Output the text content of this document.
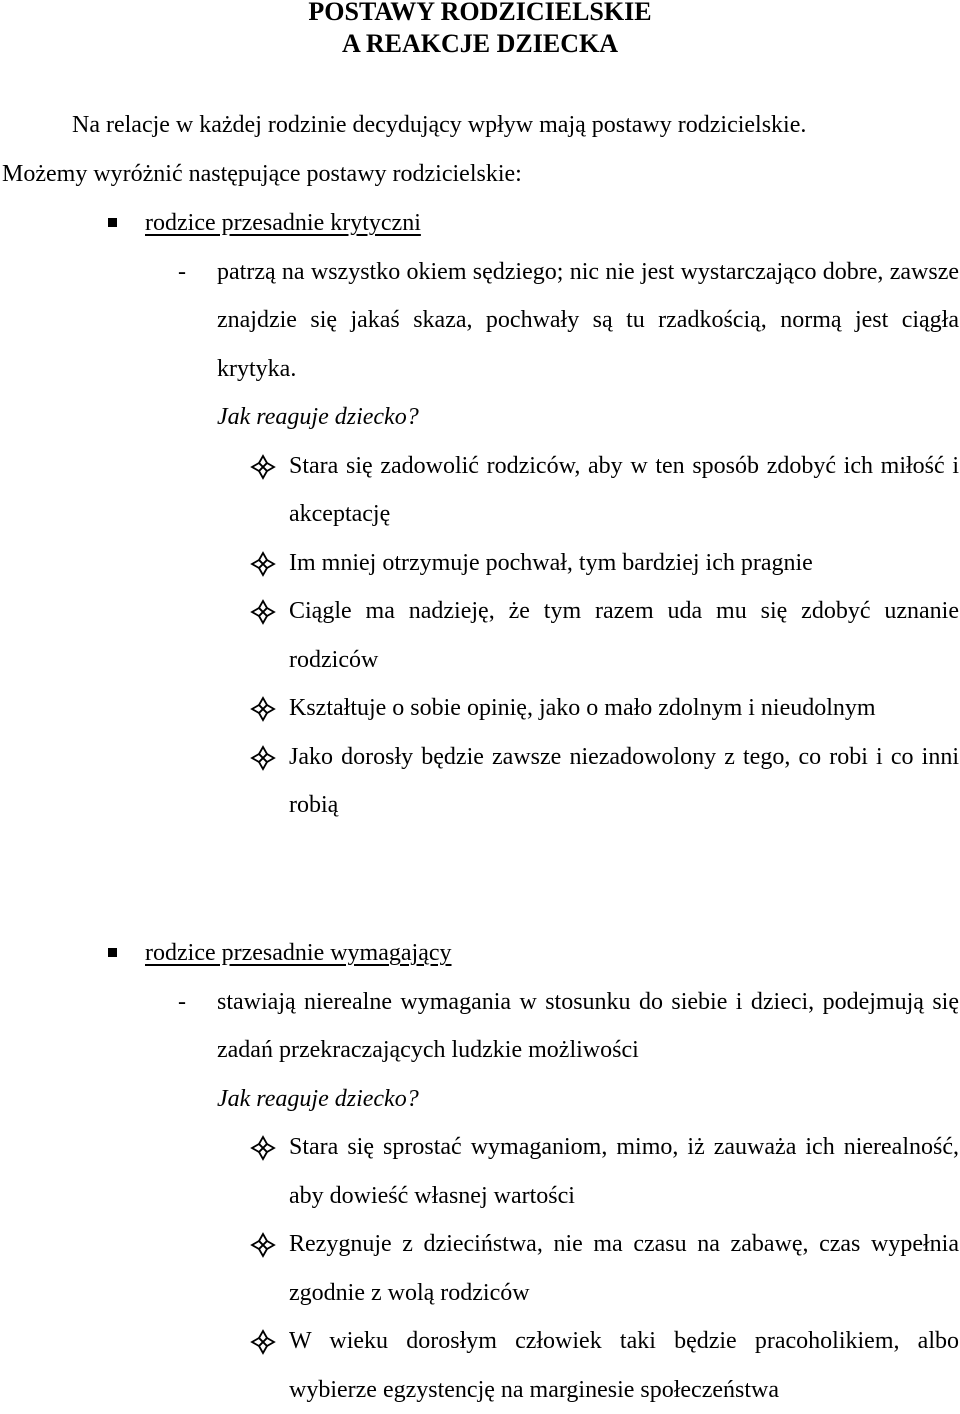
POSTAWY RODZICIELSKIE
A REAKCJE DZIECKA

Na relacje w każdej rodzinie decydujący wpływ mają postawy rodzicielskie.
Możemy wyróżnić następujące postawy rodzicielskie:

rodzice przesadnie krytyczni
- patrzą na wszystko okiem sędziego; nic nie jest wystarczająco dobre, zawsze znajdzie się jakaś skaza, pochwały są tu rzadkością, normą jest ciągła krytyka.
Jak reaguje dziecko?
Stara się zadowolić rodziców, aby w ten sposób zdobyć ich miłość i akceptację
Im mniej otrzymuje pochwał, tym bardziej ich pragnie
Ciągle ma nadzieję, że tym razem uda mu się zdobyć uznanie rodziców
Kształtuje o sobie opinię, jako o mało zdolnym i nieudolnym
Jako dorosły będzie zawsze niezadowolony z tego, co robi i co inni robią
rodzice przesadnie wymagający
- stawiają nierealne wymagania w stosunku do siebie i dzieci, podejmują się zadań przekraczających ludzkie możliwości
Jak reaguje dziecko?
Stara się sprostać wymaganiom, mimo, iż zauważa ich nierealność, aby dowieść własnej wartości
Rezygnuje z dzieciństwa, nie ma czasu na zabawę, czas wypełnia zgodnie z wolą rodziców
W wieku dorosłym człowiek taki będzie pracoholikiem, albo wybierze egzystencję na marginesie społeczeństwa
